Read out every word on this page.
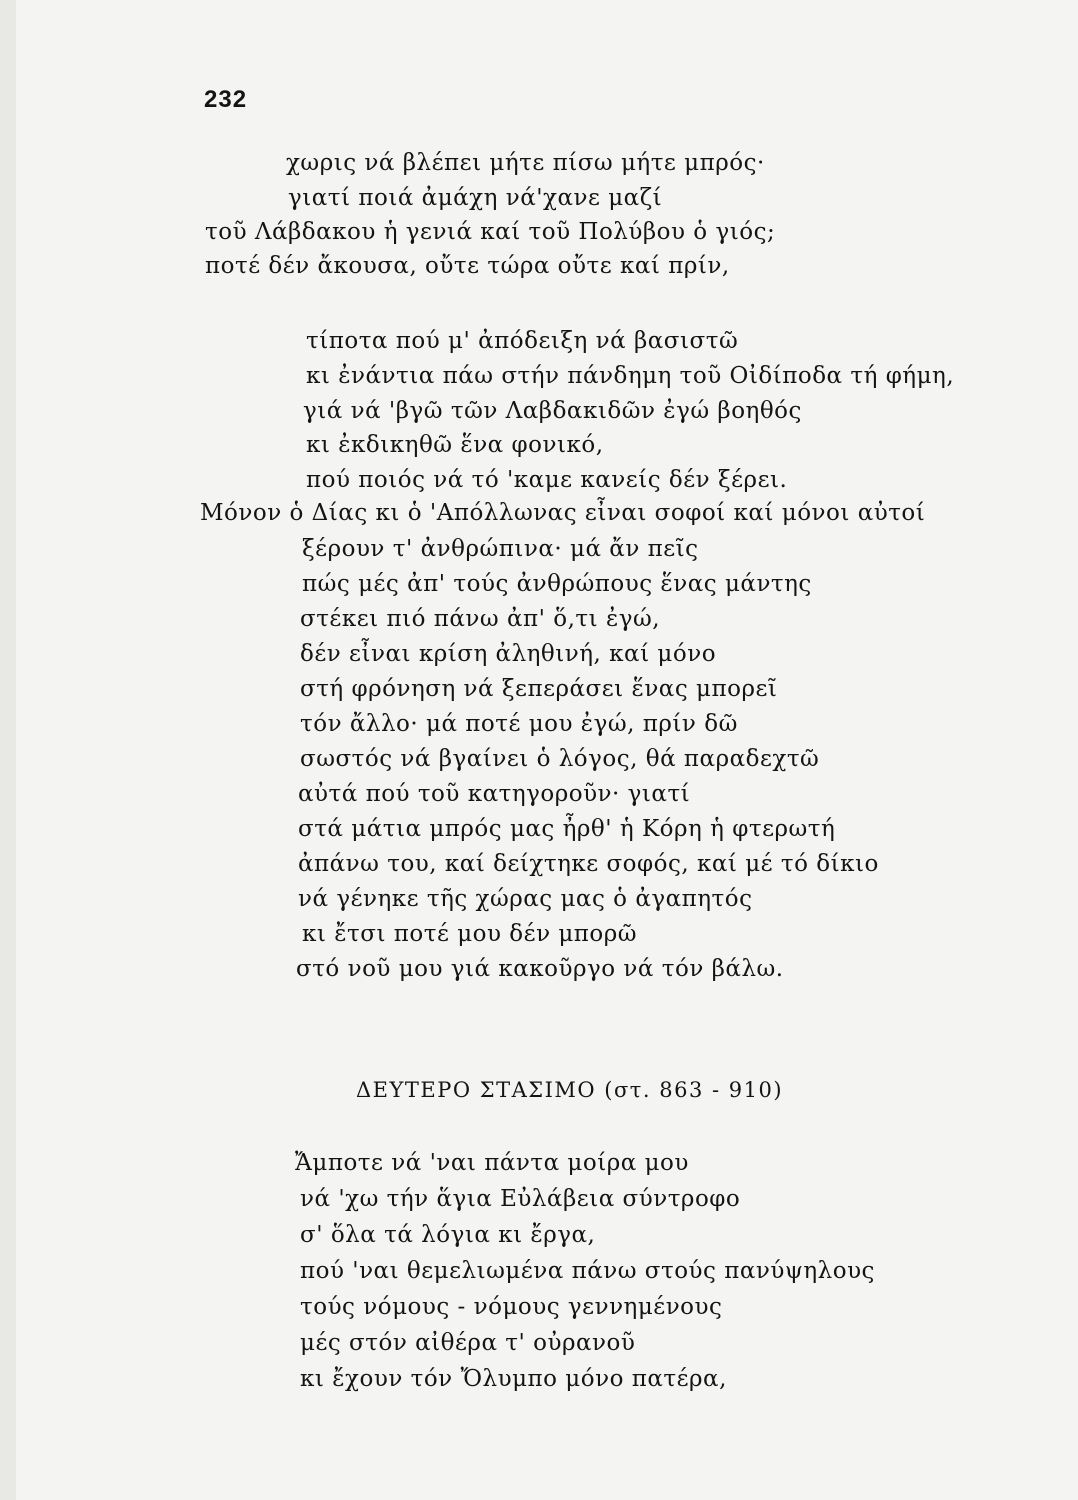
232
χωρις νά βλέπει μήτε πίσω μήτε μπρός·
γιατί ποιά ἀμάχη νά'χανε μαζί
τοῦ Λάβδακου ἡ γενιά καί τοῦ Πολύβου ὁ γιός;
ποτέ δέν ἄκουσα, οὔτε τώρα οὔτε καί πρίν,
τίποτα πού μ' ἀπόδειξη νά βασιστῶ
κι ἐνάντια πάω στήν πάνδημη τοῦ Οἰδίποδα τή φήμη,
γιά νά 'βγῶ τῶν Λαβδακιδῶν ἐγώ βοηθός
κι ἐκδικηθῶ ἕνα φονικό,
πού ποιός νά τό 'καμε κανείς δέν ξέρει.
Μόνον ὁ Δίας κι ὁ 'Απόλλωνας εἶναι σοφοί καί μόνοι αὐτοί
ξέρουν τ' ἀνθρώπινα· μά ἄν πεῖς
πώς μές ἀπ' τούς ἀνθρώπους ἕνας μάντης
στέκει πιό πάνω ἀπ' ὅ,τι ἐγώ,
δέν εἶναι κρίση ἀληθινή, καί μόνο
στή φρόνηση νά ξεπεράσει ἕνας μπορεῖ
τόν ἄλλο· μά ποτέ μου ἐγώ, πρίν δῶ
σωστός νά βγαίνει ὁ λόγος, θά παραδεχτῶ
αὐτά πού τοῦ κατηγοροῦν· γιατί
στά μάτια μπρός μας ἦρθ' ἡ Κόρη ἡ φτερωτή
ἀπάνω του, καί δείχτηκε σοφός, καί μέ τό δίκιο
νά γένηκε τῆς χώρας μας ὁ ἀγαπητός
κι ἔτσι ποτέ μου δέν μπορῶ
στό νοῦ μου γιά κακοῦργο νά τόν βάλω.
ΔΕΥΤΕΡΟ ΣΤΑΣΙΜΟ (στ. 863 - 910)
Ἄμποτε νά 'ναι πάντα μοίρα μου
νά 'χω τήν ἅγια Εὐλάβεια σύντροφο
σ' ὅλα τά λόγια κι ἔργα,
πού 'ναι θεμελιωμένα πάνω στούς πανύψηλους
τούς νόμους - νόμους γεννημένους
μές στόν αἰθέρα τ' οὐρανοῦ
κι ἔχουν τόν Ὄλυμπο μόνο πατέρα,
